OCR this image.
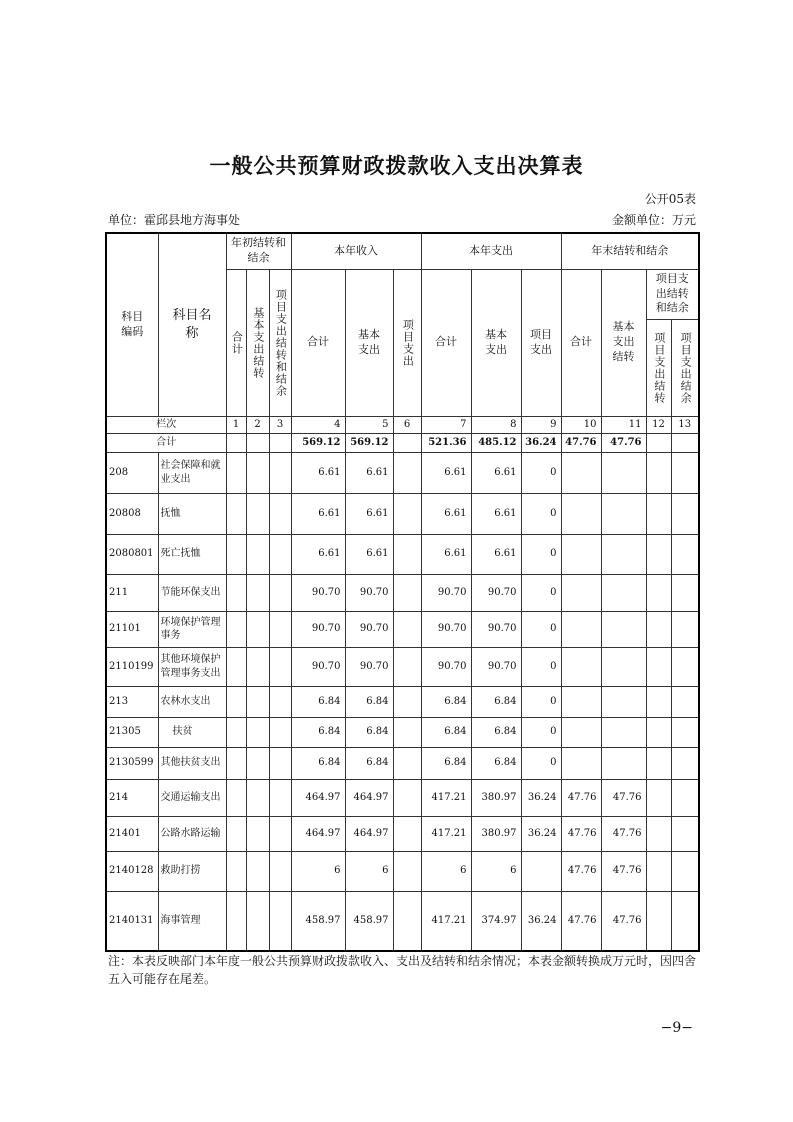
一般公共预算财政拨款收入支出决算表
公开05表
单位：霍邱县地方海事处	金额单位：万元
科目编码	科目名称	年初结转和结余			本年收入			本年支出			年末结转和结余			

		合计	基本支出结转	项目支出结转和结余	合计	基本支出	项目支出	合计	基本支出	项目支出	合计	基本支出结转	项目支出结转和结余	

													项目支出结转	项目支出结余

栏次		1	2	3	4	5	6	7	8	9	10	11	12	13
合计					569.12	569.12		521.36	485.12	36.24	47.76	47.76		
208	社会保障和就业支出				6.61	6.61		6.61	6.61	0				
20808	抚恤				6.61	6.61		6.61	6.61	0				
2080801	死亡抚恤				6.61	6.61		6.61	6.61	0				
211	节能环保支出				90.70	90.70		90.70	90.70	0				
21101	环境保护管理事务				90.70	90.70		90.70	90.70	0				
2110199	其他环境保护管理事务支出				90.70	90.70		90.70	90.70	0				
213	农林水支出				6.84	6.84		6.84	6.84	0				
21305	扶贫				6.84	6.84		6.84	6.84	0				
2130599	其他扶贫支出				6.84	6.84		6.84	6.84	0				
214	交通运输支出				464.97	464.97		417.21	380.97	36.24	47.76	47.76		
21401	公路水路运输				464.97	464.97		417.21	380.97	36.24	47.76	47.76		
2140128	救助打捞				6	6		6	6		47.76	47.76		
2140131	海事管理				458.97	458.97		417.21	374.97	36.24	47.76	47.76		
注：本表反映部门本年度一般公共预算财政拨款收入、支出及结转和结余情况；本表金额转换成万元时，因四舍五入可能存在尾差。
−9−
